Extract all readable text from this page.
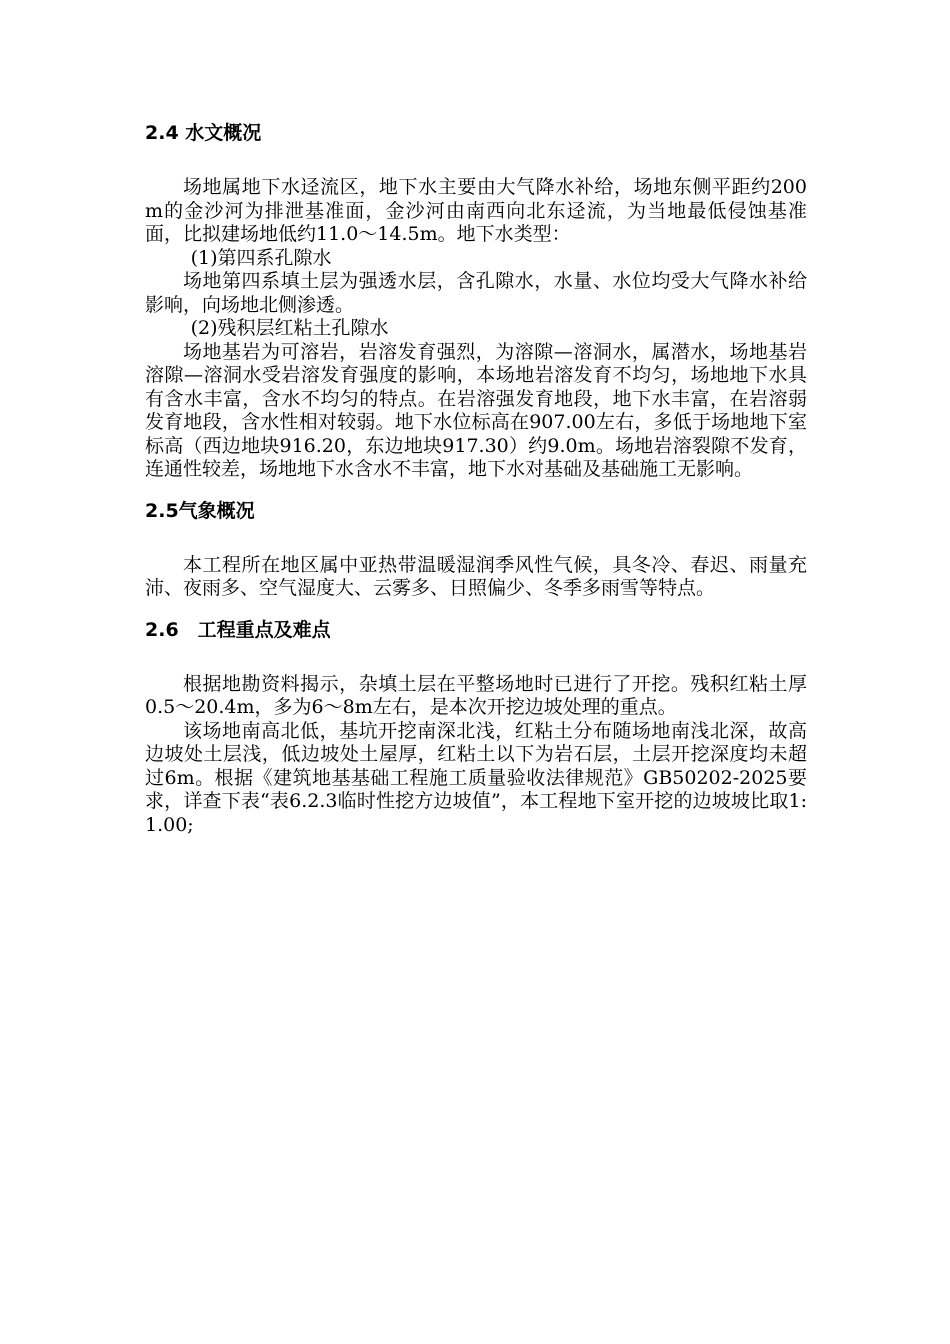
2.4 水文概况

场地属地下水迳流区，地下水主要由大气降水补给，场地东侧平距约200m的金沙河为排泄基准面，金沙河由南西向北东迳流，为当地最低侵蚀基准面，比拟建场地低约11.0～14.5m。地下水类型：

(1)第四系孔隙水

场地第四系填土层为强透水层，含孔隙水，水量、水位均受大气降水补给影响，向场地北侧渗透。

(2)残积层红粘土孔隙水

场地基岩为可溶岩，岩溶发育强烈，为溶隙—溶洞水，属潜水，场地基岩溶隙—溶洞水受岩溶发育强度的影响，本场地岩溶发育不均匀，场地地下水具有含水丰富，含水不均匀的特点。在岩溶强发育地段，地下水丰富，在岩溶弱发育地段，含水性相对较弱。地下水位标高在907.00左右，多低于场地地下室标高（西边地块916.20，东边地块917.30）约9.0m。场地岩溶裂隙不发育，连通性较差，场地地下水含水不丰富，地下水对基础及基础施工无影响。

2.5气象概况

本工程所在地区属中亚热带温暖湿润季风性气候，具冬冷、春迟、雨量充沛、夜雨多、空气湿度大、云雾多、日照偏少、冬季多雨雪等特点。

2.6　工程重点及难点

根据地勘资料揭示，杂填土层在平整场地时已进行了开挖。残积红粘土厚0.5～20.4m，多为6～8m左右，是本次开挖边坡处理的重点。

该场地南高北低，基坑开挖南深北浅，红粘土分布随场地南浅北深，故高边坡处土层浅，低边坡处土屋厚，红粘土以下为岩石层，土层开挖深度均未超过6m。根据《建筑地基基础工程施工质量验收法律规范》GB50202-2025要求，详查下表“表6.2.3临时性挖方边坡值”，本工程地下室开挖的边坡坡比取1:1.00;
